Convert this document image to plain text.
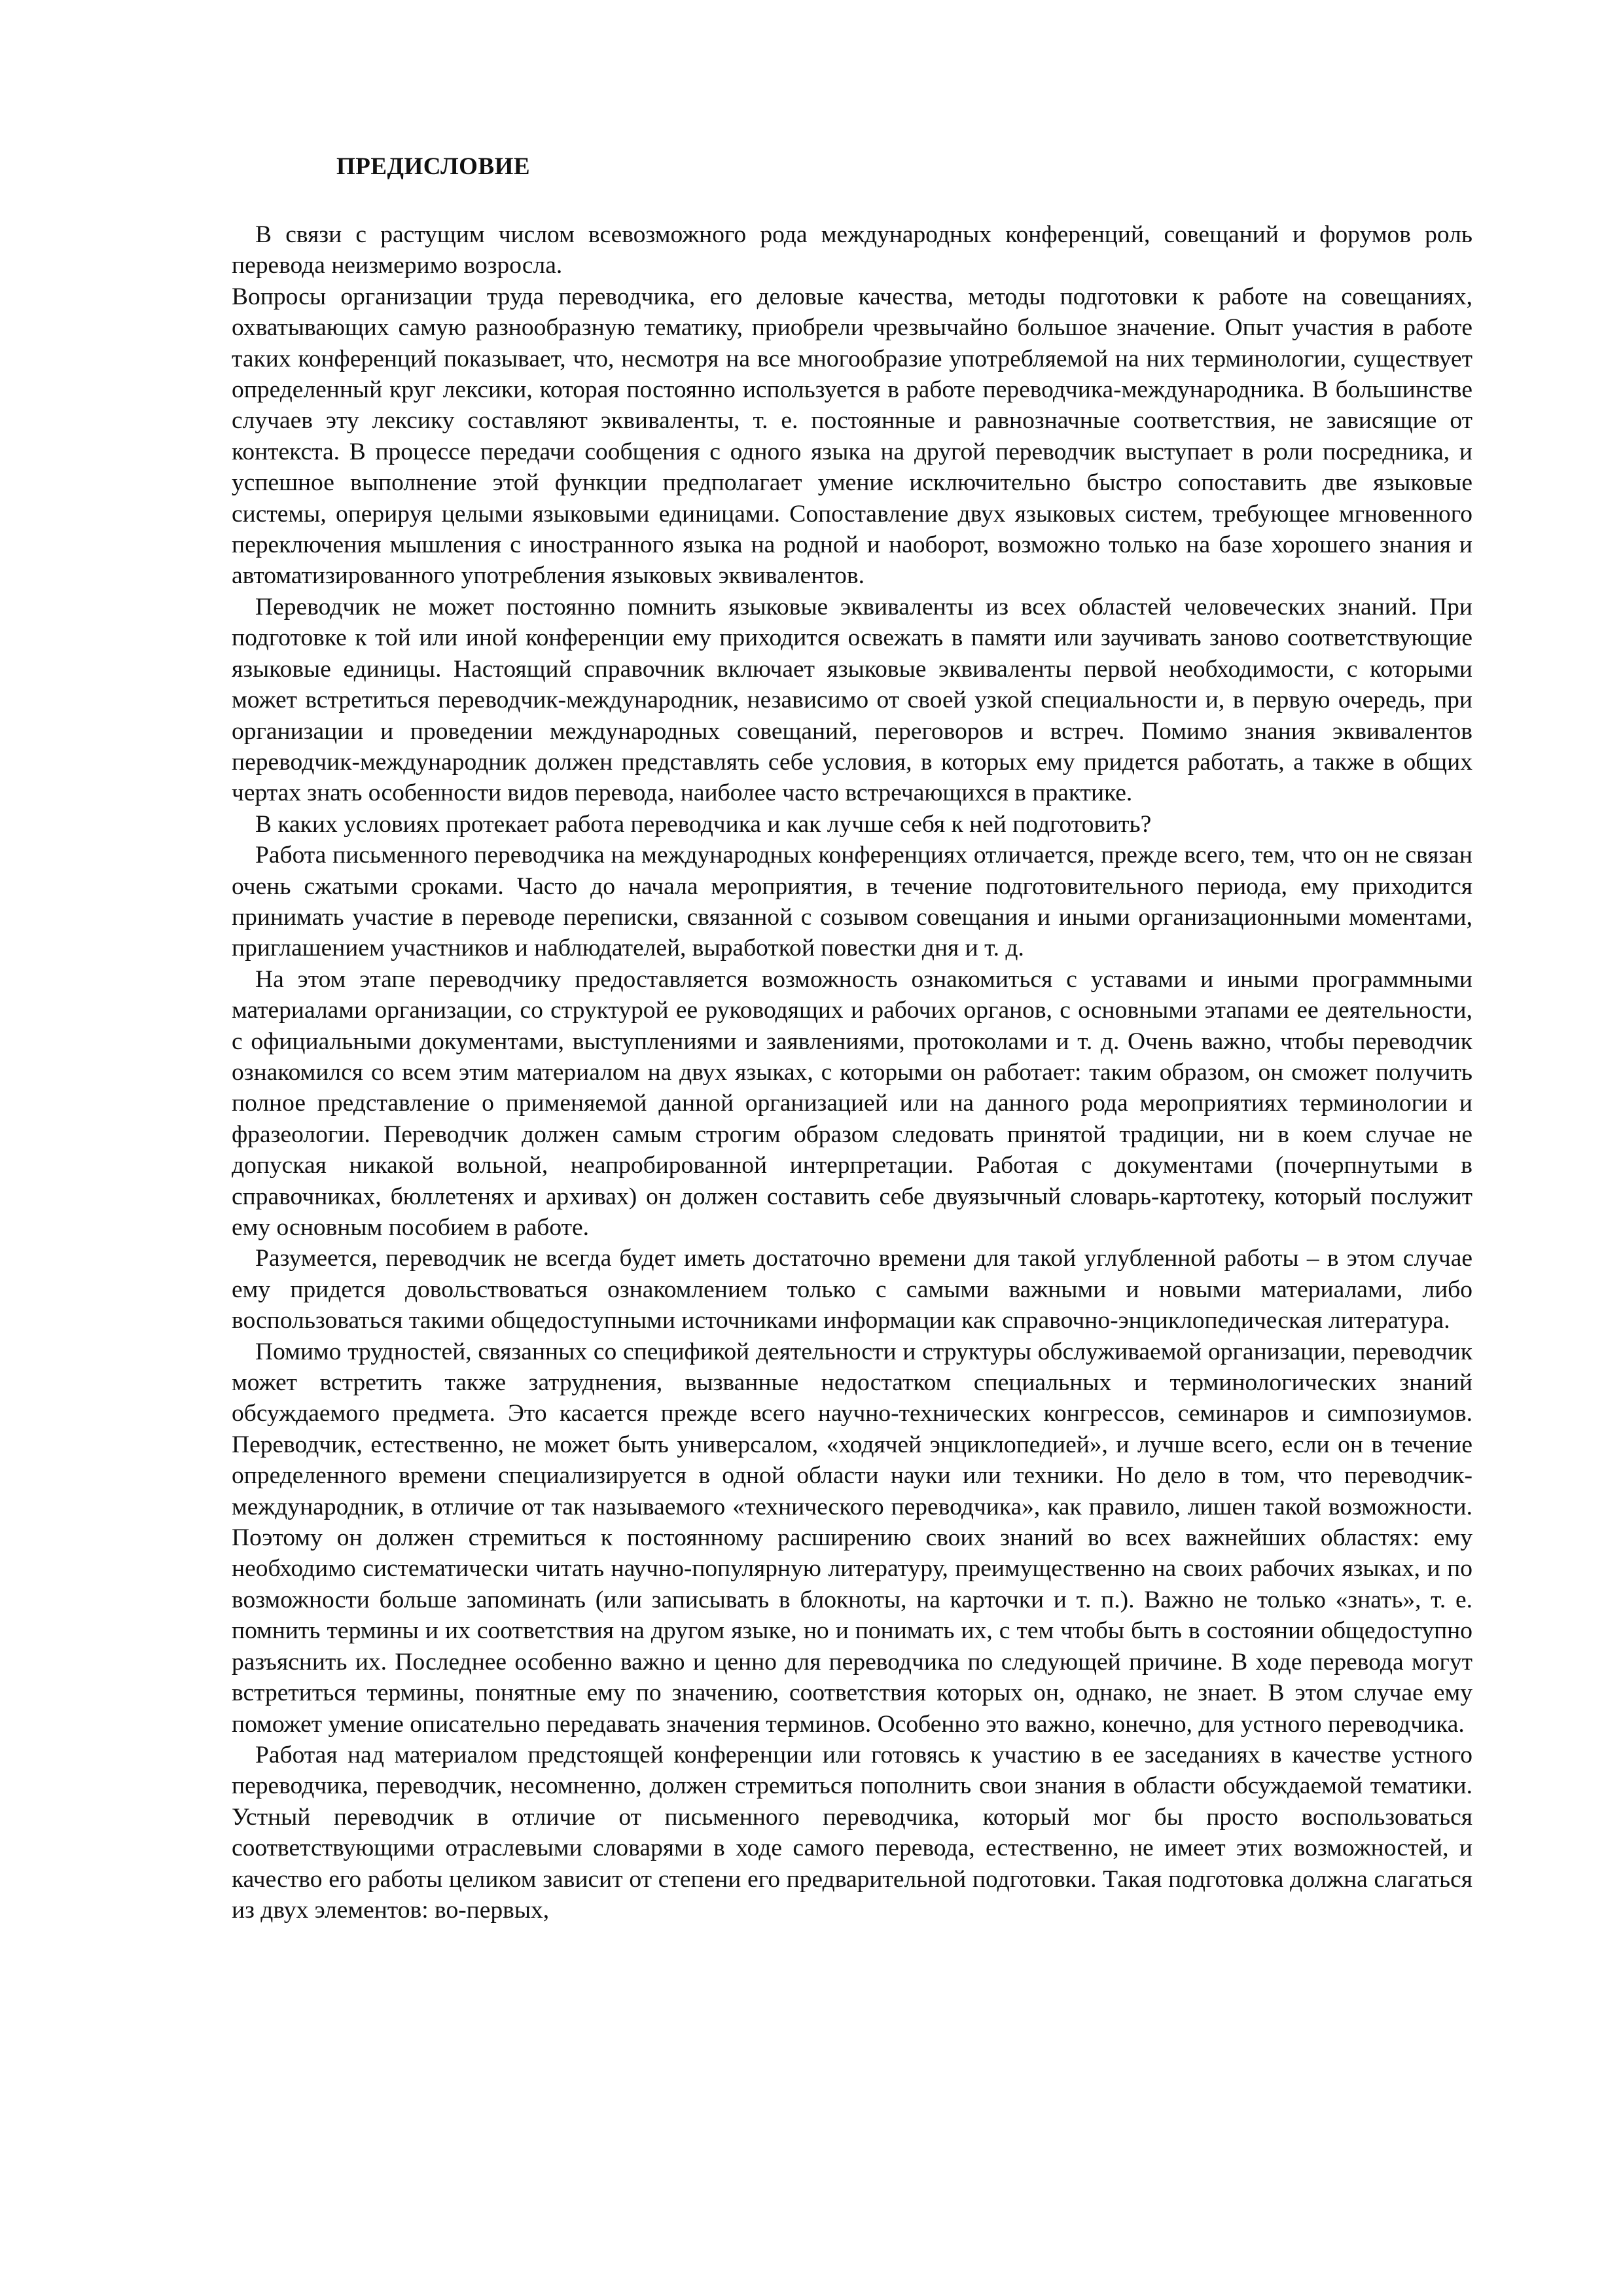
ПРЕДИСЛОВИЕ

В связи с растущим числом всевозможного рода международных конференций, совещаний и форумов роль перевода неизмеримо возросла.

Вопросы организации труда переводчика, его деловые качества, методы подготовки к работе на совещаниях, охватывающих самую разнообразную тематику, приобрели чрезвычайно большое значение. Опыт участия в работе таких конференций показывает, что, несмотря на все многообразие употребляемой на них терминологии, существует определенный круг лексики, которая постоянно используется в работе переводчика-международника. В большинстве случаев эту лексику составляют эквиваленты, т. е. постоянные и равнозначные соответствия, не зависящие от контекста. В процессе передачи сообщения с одного языка на другой переводчик выступает в роли посредника, и успешное выполнение этой функции предполагает умение исключительно быстро сопоставить две языковые системы, оперируя целыми языковыми единицами. Сопоставление двух языковых систем, требующее мгновенного переключения мышления с иностранного языка на родной и наоборот, возможно только на базе хорошего знания и автоматизированного употребления языковых эквивалентов.

Переводчик не может постоянно помнить языковые эквиваленты из всех областей человеческих знаний. При подготовке к той или иной конференции ему приходится освежать в памяти или заучивать заново соответствующие языковые единицы. Настоящий справочник включает языковые эквиваленты первой необходимости, с которыми может встретиться переводчик-международник, независимо от своей узкой специальности и, в первую очередь, при организации и проведении международных совещаний, переговоров и встреч. Помимо знания эквивалентов переводчик-международник должен представлять себе условия, в которых ему придется работать, а также в общих чертах знать особенности видов перевода, наиболее часто встречающихся в практике.

В каких условиях протекает работа переводчика и как лучше себя к ней подготовить?

Работа письменного переводчика на международных конференциях отличается, прежде всего, тем, что он не связан очень сжатыми сроками. Часто до начала мероприятия, в течение подготовительного периода, ему приходится принимать участие в переводе переписки, связанной с созывом совещания и иными организационными моментами, приглашением участников и наблюдателей, выработкой повестки дня и т. д.

На этом этапе переводчику предоставляется возможность ознакомиться с уставами и иными программными материалами организации, со структурой ее руководящих и рабочих органов, с основными этапами ее деятельности, с официальными документами, выступлениями и заявлениями, протоколами и т. д. Очень важно, чтобы переводчик ознакомился со всем этим материалом на двух языках, с которыми он работает: таким образом, он сможет получить полное представление о применяемой данной организацией или на данного рода мероприятиях терминологии и фразеологии. Переводчик должен самым строгим образом следовать принятой традиции, ни в коем случае не допуская никакой вольной, неапробированной интерпретации. Работая с документами (почерпнутыми в справочниках, бюллетенях и архивах) он должен составить себе двуязычный словарь-картотеку, который послужит ему основным пособием в работе.

Разумеется, переводчик не всегда будет иметь достаточно времени для такой углубленной работы – в этом случае ему придется довольствоваться ознакомлением только с самыми важными и новыми материалами, либо воспользоваться такими общедоступными источниками информации как справочно-энциклопедическая литература.

Помимо трудностей, связанных со спецификой деятельности и структуры обслуживаемой организации, переводчик может встретить также затруднения, вызванные недостатком специальных и терминологических знаний обсуждаемого предмета. Это касается прежде всего научно-технических конгрессов, семинаров и симпозиумов. Переводчик, естественно, не может быть универсалом, «ходячей энциклопедией», и лучше всего, если он в течение определенного времени специализируется в одной области науки или техники. Но дело в том, что переводчик-международник, в отличие от так называемого «технического переводчика», как правило, лишен такой возможности. Поэтому он должен стремиться к постоянному расширению своих знаний во всех важнейших областях: ему необходимо систематически читать научно-популярную литературу, преимущественно на своих рабочих языках, и по возможности больше запоминать (или записывать в блокноты, на карточки и т. п.). Важно не только «знать», т. е. помнить термины и их соответствия на другом языке, но и понимать их, с тем чтобы быть в состоянии общедоступно разъяснить их. Последнее особенно важно и ценно для переводчика по следующей причине. В ходе перевода могут встретиться термины, понятные ему по значению, соответствия которых он, однако, не знает. В этом случае ему поможет умение описательно передавать значения терминов. Особенно это важно, конечно, для устного переводчика.

Работая над материалом предстоящей конференции или готовясь к участию в ее заседаниях в качестве устного переводчика, переводчик, несомненно, должен стремиться пополнить свои знания в области обсуждаемой тематики. Устный переводчик в отличие от письменного переводчика, который мог бы просто воспользоваться соответствующими отраслевыми словарями в ходе самого перевода, естественно, не имеет этих возможностей, и качество его работы целиком зависит от степени его предварительной подготовки. Такая подготовка должна слагаться из двух элементов: во-первых,
